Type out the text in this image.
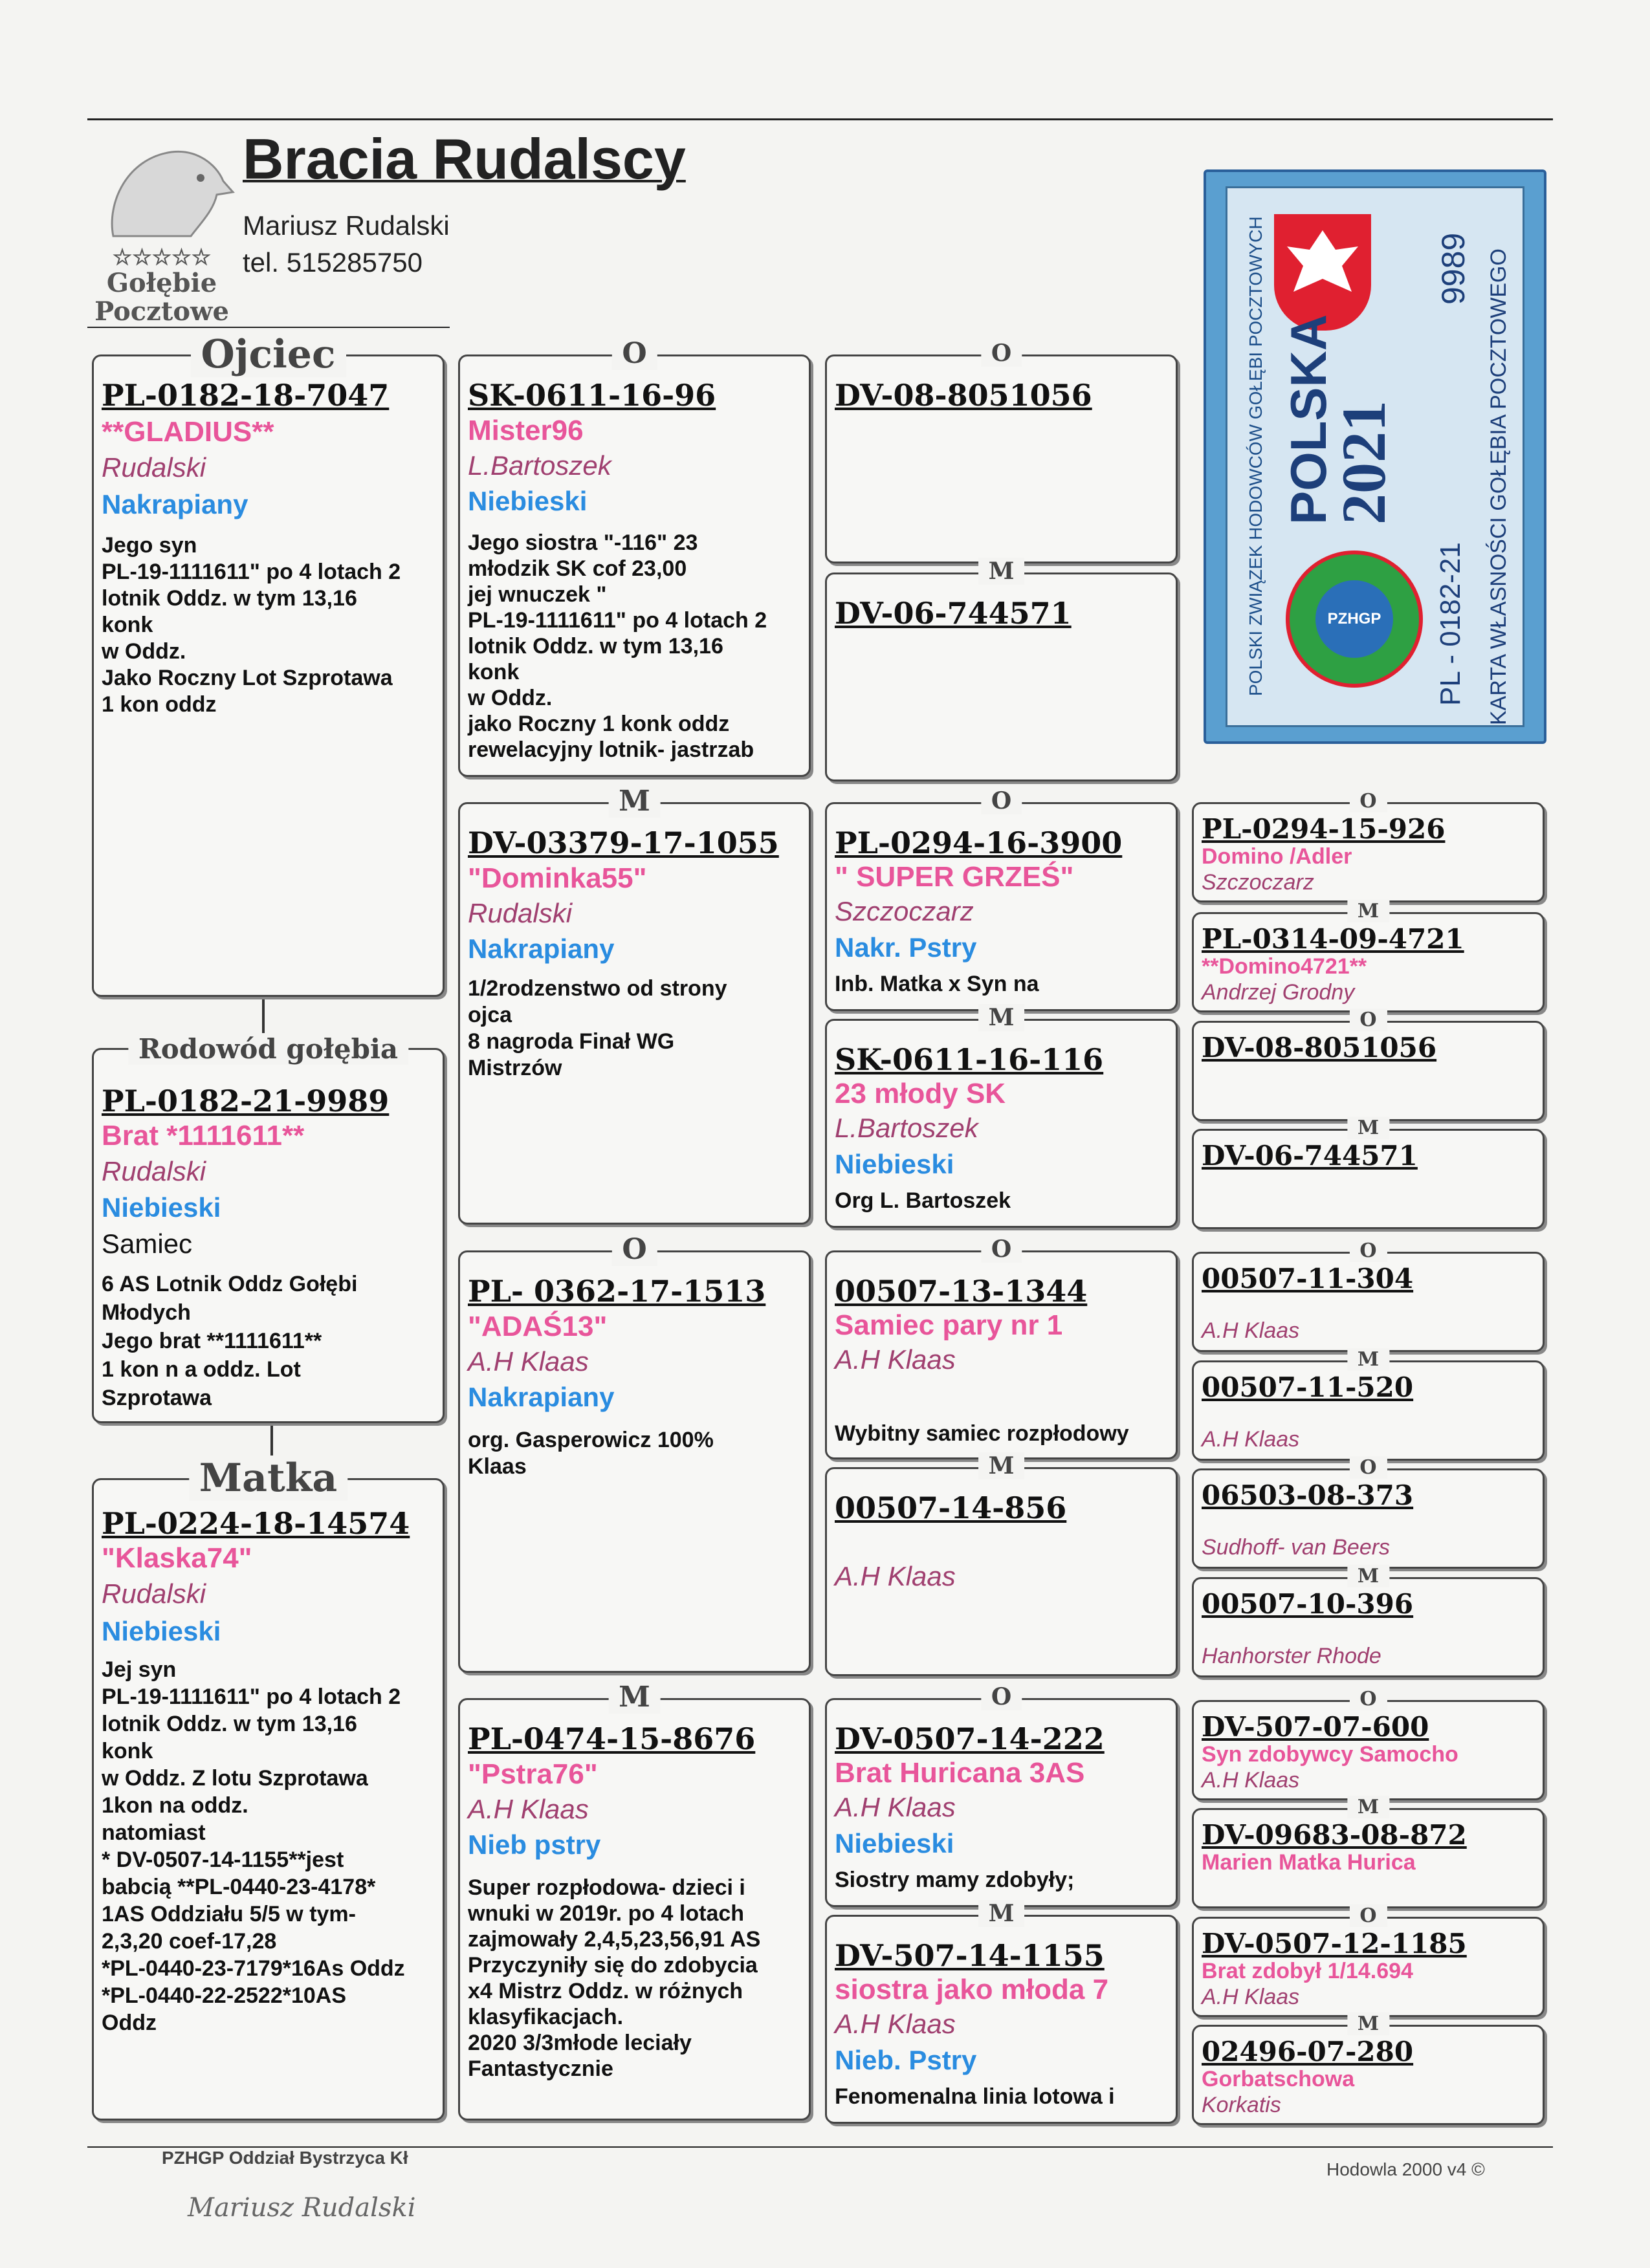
☆☆☆☆☆
Gołębie
Pocztowe
Bracia Rudalscy
Mariusz Rudalski
tel. 515285750	POLSKI ZWIĄZEK HODOWCÓW GOŁĘBI POCZTOWYCH POLSKA
2021
PZHGP
9989
PL - 0182-21 KARTA WŁASNOŚCI GOŁĘBIA POCZTOWEGO
Ojciec
PL-0182-18-7047
**GLADIUS**
Rudalski
Nakrapiany
Jego syn
PL-19-1111611" po 4 lotach 2
lotnik Oddz. w tym 13,16
konk
w Oddz.
Jako Roczny Lot Szprotawa
1 kon oddz
Rodowód gołębia
PL-0182-21-9989
Brat *1111611**
Rudalski
Niebieski
Samiec
6 AS Lotnik Oddz Gołębi
Młodych
Jego brat **1111611**
1 kon n a oddz. Lot
Szprotawa
Matka
PL-0224-18-14574
"Klaska74"
Rudalski
Niebieski
Jej syn
PL-19-1111611" po 4 lotach 2
lotnik Oddz. w tym 13,16
konk
w Oddz. Z lotu Szprotawa
1kon na oddz.
natomiast
* DV-0507-14-1155**jest
babcią **PL-0440-23-4178*
1AS Oddziału 5/5 w tym-
2,3,20 coef-17,28
*PL-0440-23-7179*16As Oddz
*PL-0440-22-2522*10AS
Oddz
O
SK-0611-16-96
Mister96
L.Bartoszek
Niebieski
Jego siostra "-116" 23
młodzik SK cof 23,00
jej wnuczek "
PL-19-1111611" po 4 lotach 2
lotnik Oddz. w tym 13,16
konk
w Oddz.
jako Roczny 1 konk oddz
rewelacyjny lotnik- jastrzab
M
DV-03379-17-1055
"Dominka55"
Rudalski
Nakrapiany
1/2rodzenstwo od strony
ojca
8 nagroda Finał WG
Mistrzów
O
PL- 0362-17-1513
"ADAŚ13"
A.H Klaas
Nakrapiany
org. Gasperowicz 100%
Klaas
M
PL-0474-15-8676
"Pstra76"
A.H Klaas
Nieb pstry
Super rozpłodowa- dzieci i
wnuki w 2019r. po 4 lotach
zajmowały 2,4,5,23,56,91 AS
Przyczyniły się do zdobycia
x4 Mistrz Oddz. w różnych
klasyfikacjach.
2020 3/3młode leciały
Fantastycznie
O
DV-08-8051056
M
DV-06-744571
O
PL-0294-16-3900
" SUPER GRZEŚ"
Szczoczarz
Nakr. Pstry
Inb. Matka x Syn na
M
SK-0611-16-116
23 młody SK
L.Bartoszek
Niebieski
Org L. Bartoszek
O
00507-13-1344
Samiec pary nr 1
A.H Klaas
Wybitny samiec rozpłodowy
M
00507-14-856
A.H Klaas
O
DV-0507-14-222
Brat Huricana 3AS
A.H Klaas
Niebieski
Siostry mamy zdobyły;
M
DV-507-14-1155
siostra jako młoda 7
A.H Klaas
Nieb. Pstry
Fenomenalna linia lotowa i
O
PL-0294-15-926
Domino /Adler
Szczoczarz
M
PL-0314-09-4721
**Domino4721**
Andrzej Grodny
O
DV-08-8051056
M
DV-06-744571
O
00507-11-304
A.H Klaas
M
00507-11-520
A.H Klaas
O
06503-08-373
Sudhoff- van Beers
M
00507-10-396
Hanhorster Rhode
O
DV-507-07-600
Syn zdobywcy Samocho
A.H Klaas
M
DV-09683-08-872
Marien Matka Hurica
O
DV-0507-12-1185
Brat zdobył 1/14.694
A.H Klaas
M
02496-07-280
Gorbatschowa
Korkatis
PZHGP Oddział Bystrzyca Kł
Mariusz Rudalski
Hodowla 2000 v4 ©
